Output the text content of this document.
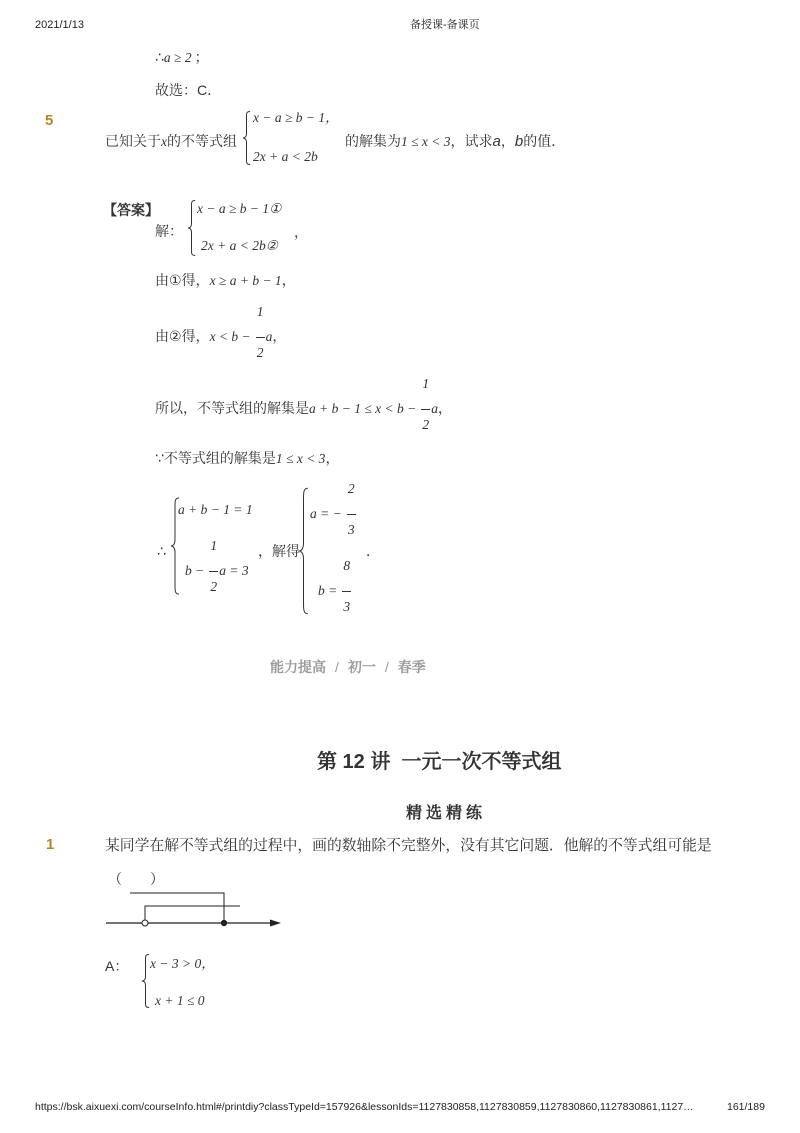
2021/1/13	备授课-备课页
∴a ≥ 2 ；
故选：C．
5
已知关于x的不等式组
x − a ≥ b − 1，
2x + a < 2b
的解集为1 ≤ x < 3，试求a，b的值．
【答案】
解：
x − a ≥ b − 1①
2x + a < 2b②
，
由①得，x ≥ a + b − 1，
由②得，$x < b - \frac{1}{2}$ a，
所以，不等式组的解集是$a + b - 1 \le x < b - \frac{1}{2}$ a，
∵不等式组的解集是1 ≤ x < 3，
∴
a + b − 1 = 1
$b - \frac{1}{2}$ a = 3
，解得
a = − $\frac{2}{3}$
$b = \frac{8}{3}$
．
能力提高 / 初一 / 春季
第 12 讲  一元一次不等式组
精选精练
1	某同学在解不等式组的过程中，画的数轴除不完整外，没有其它问题．他解的不等式组可能是
（　　）
A： x − 3 > 0，
x + 1 ≤ 0
https://bsk.aixuexi.com/courseInfo.html#/printdiy?classTypeId=157926&lessonIds=1127830858,1127830859,1127830860,1127830861,1127…	161/189
